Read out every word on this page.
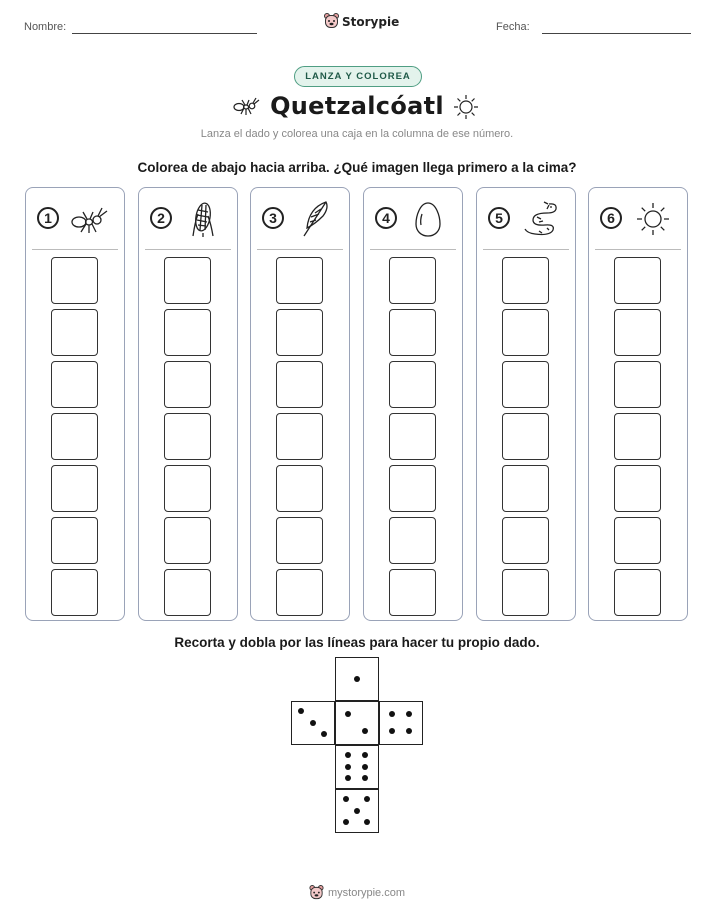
Nombre:	Storypie	Fecha:
LANZA Y COLOREA
Quetzalcóatl
Lanza el dado y colorea una caja en la columna de ese número.
Colorea de abajo hacia arriba. ¿Qué imagen llega primero a la cima?
1	2	3	4	5	6
Recorta y dobla por las líneas para hacer tu propio dado.
mystorypie.com
